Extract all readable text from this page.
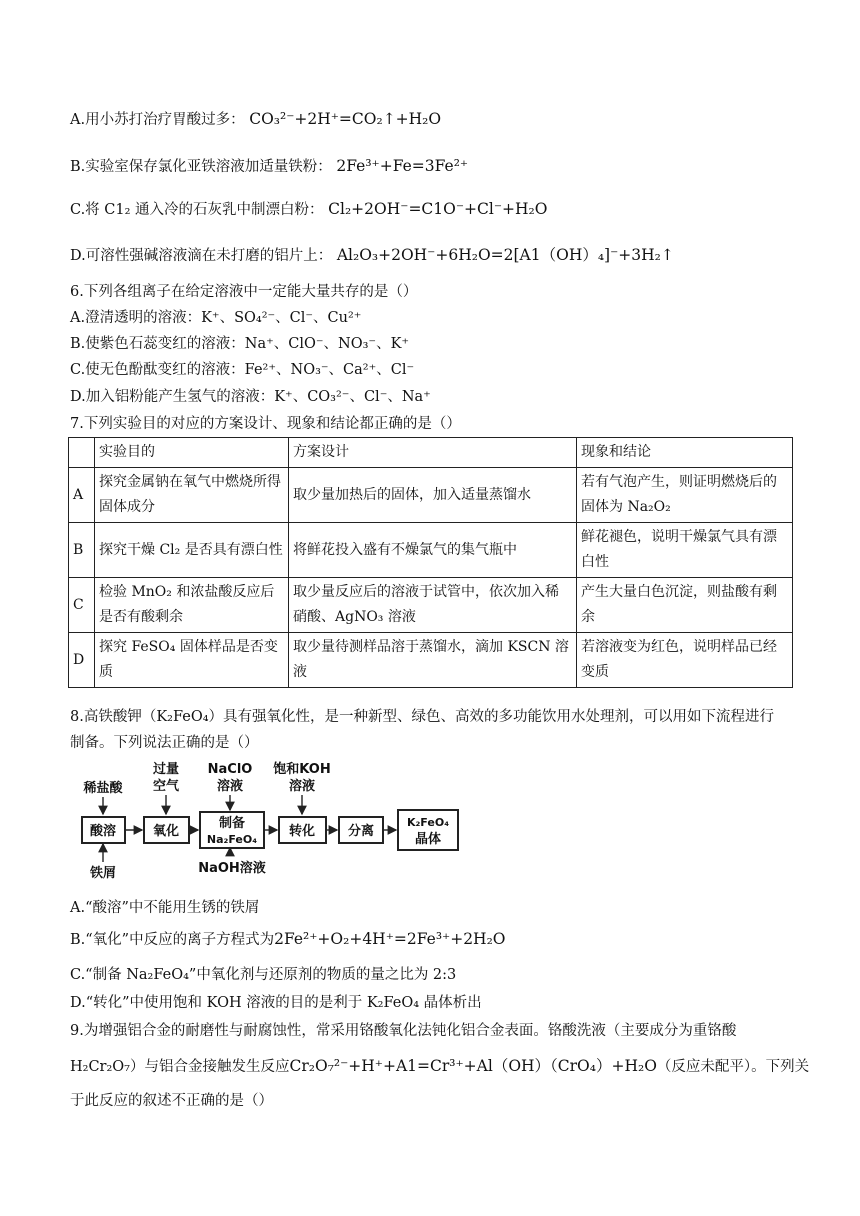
A.用小苏打治疗胃酸过多： CO₃²⁻+2H⁺=CO₂↑+H₂O
B.实验室保存氯化亚铁溶液加适量铁粉： 2Fe³⁺+Fe=3Fe²⁺
C.将 C1₂ 通入冷的石灰乳中制漂白粉： Cl₂+2OH⁻=C1O⁻+Cl⁻+H₂O
D.可溶性强碱溶液滴在未打磨的铝片上： Al₂O₃+2OH⁻+6H₂O=2[A1（OH）₄]⁻+3H₂↑
6.下列各组离子在给定溶液中一定能大量共存的是（）
A.澄清透明的溶液：K⁺、SO₄²⁻、Cl⁻、Cu²⁺
B.使紫色石蕊变红的溶液：Na⁺、ClO⁻、NO₃⁻、K⁺
C.使无色酚酞变红的溶液：Fe²⁺、NO₃⁻、Ca²⁺、Cl⁻
D.加入铝粉能产生氢气的溶液：K⁺、CO₃²⁻、Cl⁻、Na⁺
7.下列实验目的对应的方案设计、现象和结论都正确的是（）
	实验目的	方案设计	现象和结论
A	探究金属钠在氧气中燃烧所得固体成分	取少量加热后的固体，加入适量蒸馏水	若有气泡产生，则证明燃烧后的固体为 Na₂O₂
B	探究干燥 Cl₂ 是否具有漂白性	将鲜花投入盛有不燥氯气的集气瓶中	鲜花褪色，说明干燥氯气具有漂白性
C	检验 MnO₂ 和浓盐酸反应后是否有酸剩余	取少量反应后的溶液于试管中，依次加入稀硝酸、AgNO₃ 溶液	产生大量白色沉淀，则盐酸有剩余
D	探究 FeSO₄ 固体样品是否变质	取少量待测样品溶于蒸馏水，滴加 KSCN 溶液	若溶液变为红色，说明样品已经变质
8.高铁酸钾（K₂FeO₄）具有强氧化性，是一种新型、绿色、高效的多功能饮用水处理剂，可以用如下流程进行
制备。下列说法正确的是（）
稀盐酸
过量
空气
NaClO
溶液
饱和KOH
溶液
酸溶	氧化
制备
Na₂FeO₄
转化	分离
K₂FeO₄
晶体
铁屑	NaOH溶液
A.“酸溶”中不能用生锈的铁屑
B.“氧化”中反应的离子方程式为2Fe²⁺+O₂+4H⁺=2Fe³⁺+2H₂O
C.“制备 Na₂FeO₄”中氧化剂与还原剂的物质的量之比为 2:3
D.“转化”中使用饱和 KOH 溶液的目的是利于 K₂FeO₄ 晶体析出
9.为增强铝合金的耐磨性与耐腐蚀性，常采用铬酸氧化法钝化铝合金表面。铬酸洗液（主要成分为重铬酸
H₂Cr₂O₇）与铝合金接触发生反应Cr₂O₇²⁻+H⁺+A1=Cr³⁺+Al（OH）（CrO₄）+H₂O（反应未配平）。下列关
于此反应的叙述不正确的是（）
